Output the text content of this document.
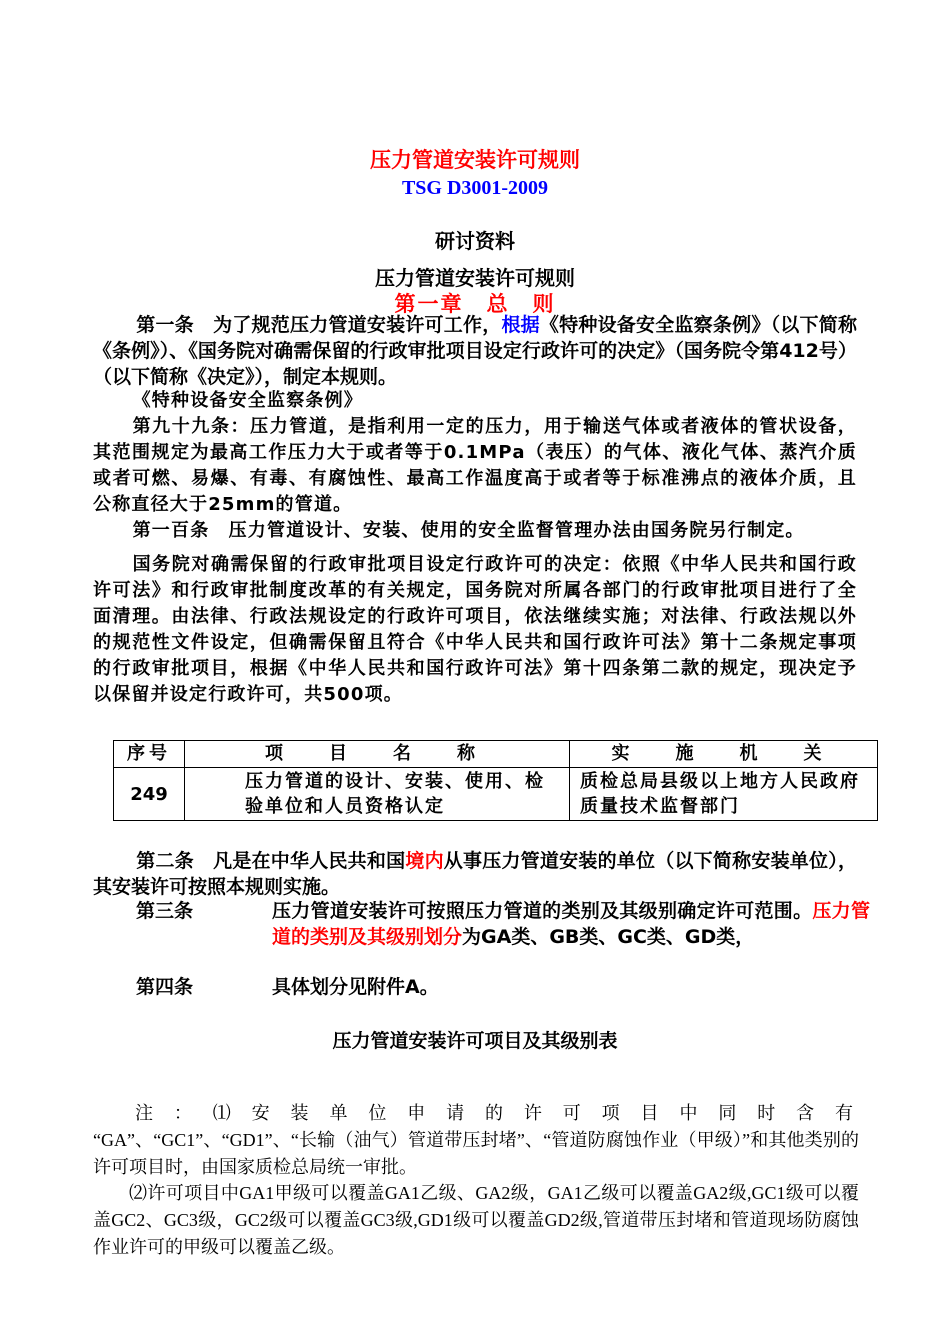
压力管道安装许可规则
TSG D3001-2009
研讨资料
压力管道安装许可规则
第一章　总　则
第一条　为了规范压力管道安装许可工作，根据《特种设备安全监察条例》（以下简称《条例》）、《国务院对确需保留的行政审批项目设定行政许可的决定》（国务院令第412号）（以下简称《决定》），制定本规则。
《特种设备安全监察条例》
第九十九条：压力管道，是指利用一定的压力，用于输送气体或者液体的管状设备，其范围规定为最高工作压力大于或者等于0.1MPa（表压）的气体、液化气体、蒸汽介质或者可燃、易爆、有毒、有腐蚀性、最高工作温度高于或者等于标准沸点的液体介质，且公称直径大于25mm的管道。
第一百条　压力管道设计、安装、使用的安全监督管理办法由国务院另行制定。
国务院对确需保留的行政审批项目设定行政许可的决定：依照《中华人民共和国行政许可法》和行政审批制度改革的有关规定，国务院对所属各部门的行政审批项目进行了全面清理。由法律、行政法规设定的行政许可项目，依法继续实施；对法律、行政法规以外的规范性文件设定，但确需保留且符合《中华人民共和国行政许可法》第十二条规定事项的行政审批项目，根据《中华人民共和国行政许可法》第十四条第二款的规定，现决定予以保留并设定行政许可，共500项。
序号	项　目　名　称	实　施　机　关
249	压力管道的设计、安装、使用、检验单位和人员资格认定	质检总局县级以上地方人民政府质量技术监督部门
第二条　凡是在中华人民共和国境内从事压力管道安装的单位（以下简称安装单位），其安装许可按照本规则实施。
第三条	压力管道安装许可按照压力管道的类别及其级别确定许可范围。压力管道的类别及其级别划分为GA类、GB类、GC类、GD类，
第四条	具体划分见附件A。
压力管道安装许可项目及其级别表
注：⑴安装单位申请的许可项目中同时含有
“GA”、“GC1”、“GD1”、“长输（油气）管道带压封堵”、“管道防腐蚀作业（甲级）”和其他类别的许可项目时，由国家质检总局统一审批。
⑵许可项目中GA1甲级可以覆盖GA1乙级、GA2级，GA1乙级可以覆盖GA2级,GC1级可以覆盖GC2、GC3级，GC2级可以覆盖GC3级,GD1级可以覆盖GD2级,管道带压封堵和管道现场防腐蚀作业许可的甲级可以覆盖乙级。
